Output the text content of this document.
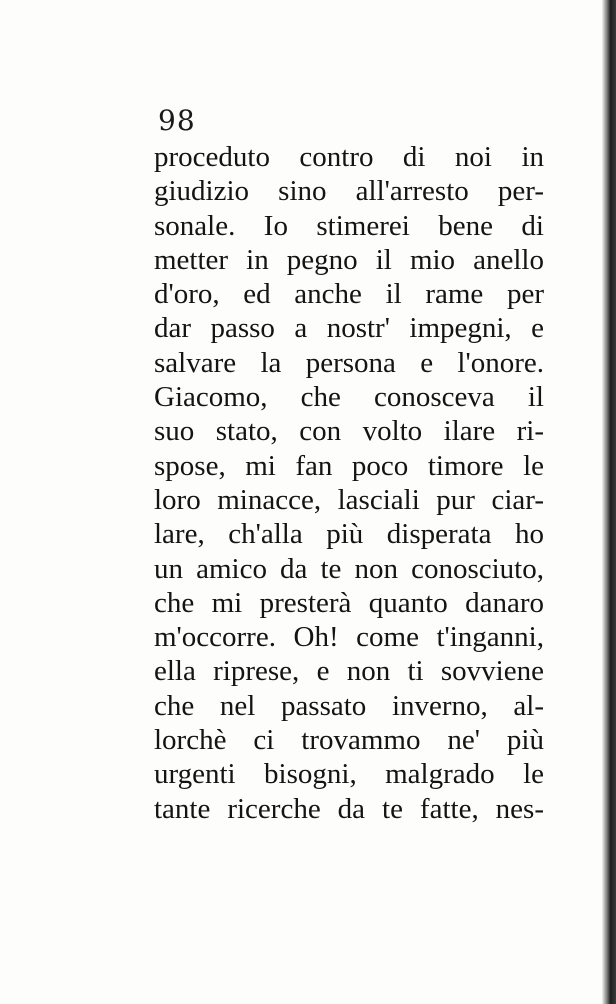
98
proceduto contro di noi in
giudizio sino all'arresto per-
sonale. Io stimerei bene di
metter in pegno il mio anello
d'oro, ed anche il rame per
dar passo a nostr' impegni, e
salvare la persona e l'onore.
Giacomo, che conosceva il
suo stato, con volto ilare ri-
spose, mi fan poco timore le
loro minacce, lasciali pur ciar-
lare, ch'alla più disperata ho
un amico da te non conosciuto,
che mi presterà quanto danaro
m'occorre. Oh! come t'inganni,
ella riprese, e non ti sovviene
che nel passato inverno, al-
lorchè ci trovammo ne' più
urgenti bisogni, malgrado le
tante ricerche da te fatte, nes-
